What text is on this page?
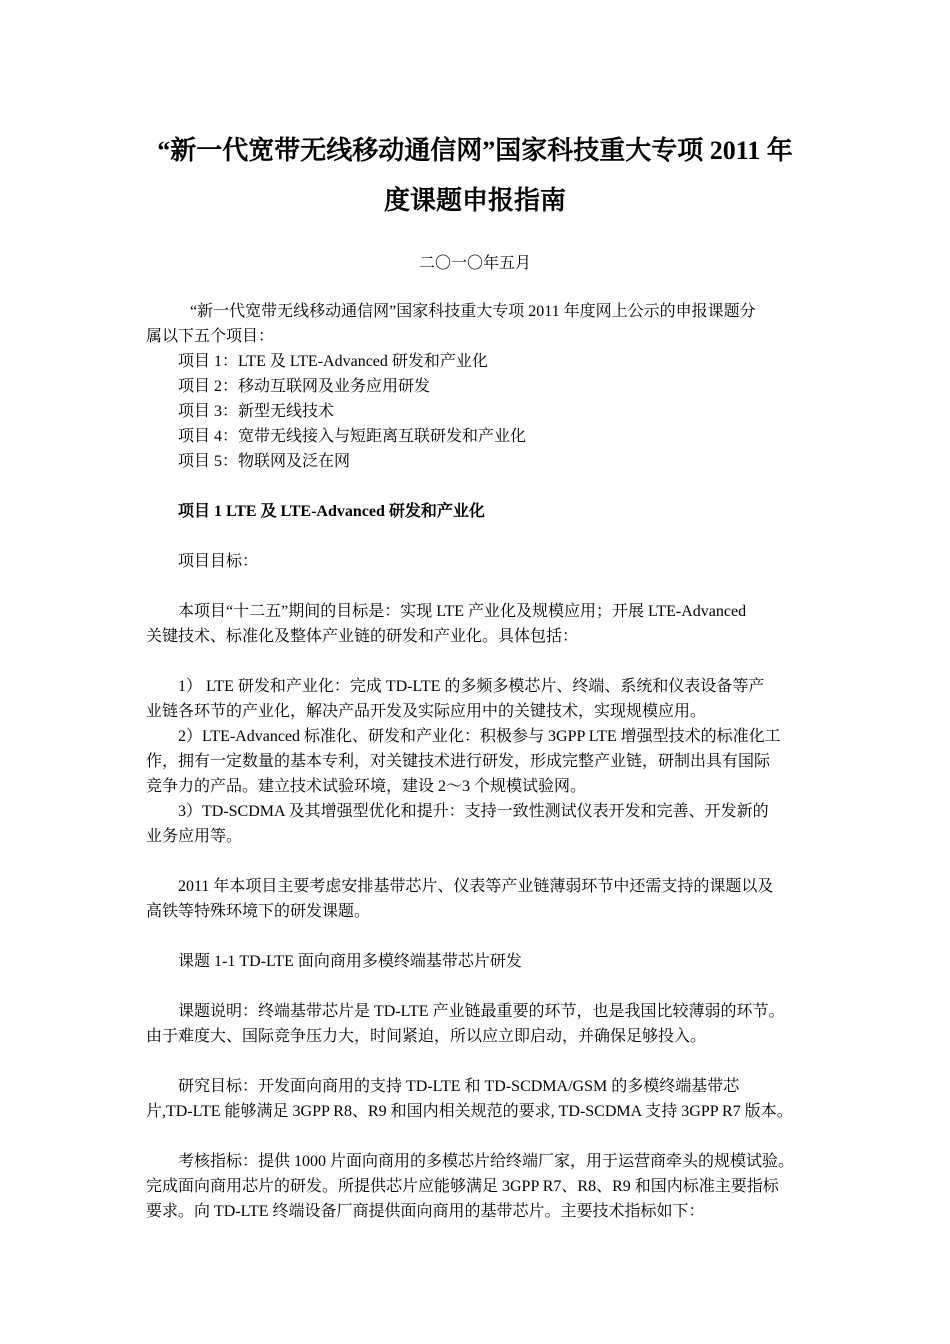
“新一代宽带无线移动通信网”国家科技重大专项 2011 年
度课题申报指南
二〇一〇年五月
“新一代宽带无线移动通信网”国家科技重大专项 2011 年度网上公示的申报课题分
属以下五个项目：
项目 1：LTE 及 LTE-Advanced 研发和产业化
项目 2：移动互联网及业务应用研发
项目 3：新型无线技术
项目 4：宽带无线接入与短距离互联研发和产业化
项目 5：物联网及泛在网
项目 1 LTE 及 LTE-Advanced 研发和产业化
项目目标：
本项目“十二五”期间的目标是：实现 LTE 产业化及规模应用；开展 LTE-Advanced
关键技术、标准化及整体产业链的研发和产业化。具体包括：
1） LTE 研发和产业化：完成 TD-LTE 的多频多模芯片、终端、系统和仪表设备等产
业链各环节的产业化，解决产品开发及实际应用中的关键技术，实现规模应用。
2）LTE-Advanced 标准化、研发和产业化：积极参与 3GPP LTE 增强型技术的标准化工
作，拥有一定数量的基本专利，对关键技术进行研发，形成完整产业链，研制出具有国际
竞争力的产品。建立技术试验环境，建设 2～3 个规模试验网。
3）TD-SCDMA 及其增强型优化和提升：支持一致性测试仪表开发和完善、开发新的
业务应用等。
2011 年本项目主要考虑安排基带芯片、仪表等产业链薄弱环节中还需支持的课题以及
高铁等特殊环境下的研发课题。
课题 1-1 TD-LTE 面向商用多模终端基带芯片研发
课题说明：终端基带芯片是 TD-LTE 产业链最重要的环节，也是我国比较薄弱的环节。
由于难度大、国际竞争压力大，时间紧迫，所以应立即启动，并确保足够投入。
研究目标：开发面向商用的支持 TD-LTE 和 TD-SCDMA/GSM 的多模终端基带芯
片,TD-LTE 能够满足 3GPP R8、R9 和国内相关规范的要求, TD-SCDMA 支持 3GPP R7 版本。
考核指标：提供 1000 片面向商用的多模芯片给终端厂家，用于运营商牵头的规模试验。
完成面向商用芯片的研发。所提供芯片应能够满足 3GPP R7、R8、R9 和国内标准主要指标
要求。向 TD-LTE 终端设备厂商提供面向商用的基带芯片。主要技术指标如下：
